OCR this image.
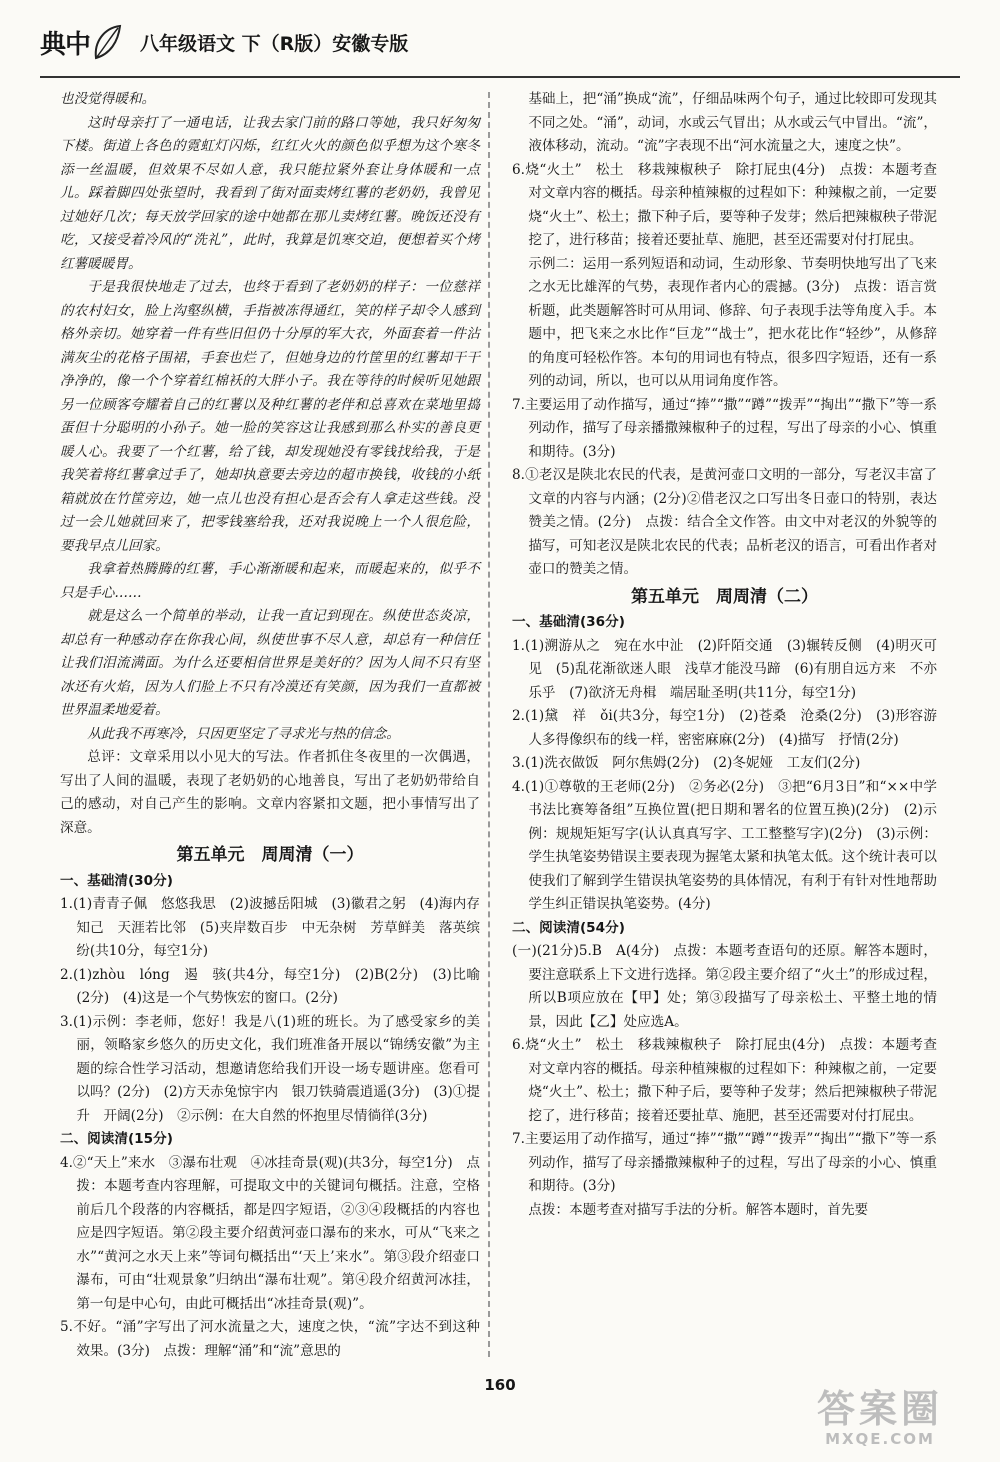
典中	八年级语文 下（R版）安徽专版

也没觉得暖和。

这时母亲打了一通电话，让我去家门前的路口等她，我只好匆匆下楼。街道上各色的霓虹灯闪烁，红红火火的颜色似乎想为这个寒冬添一丝温暖，但效果不尽如人意，我只能拉紧外套让身体暖和一点儿。踩着脚四处张望时，我看到了街对面卖烤红薯的老奶奶，我曾见过她好几次；每天放学回家的途中她都在那儿卖烤红薯。晚饭还没有吃，又接受着冷风的“洗礼”，此时，我算是饥寒交迫，便想着买个烤红薯暖暖胃。

于是我很快地走了过去，也终于看到了老奶奶的样子：一位慈祥的农村妇女，脸上沟壑纵横，手指被冻得通红，笑的样子却令人感到格外亲切。她穿着一件有些旧但仍十分厚的军大衣，外面套着一件沾满灰尘的花格子围裙，手套也烂了，但她身边的竹筐里的红薯却干干净净的，像一个个穿着红棉袄的大胖小子。我在等待的时候听见她跟另一位顾客夸耀着自己的红薯以及种红薯的老伴和总喜欢在菜地里捣蛋但十分聪明的小孙子。她一脸的笑容这让我感到那么朴实的善良更暖人心。我要了一个红薯，给了钱，却发现她没有零钱找给我，于是我笑着将红薯拿过手了，她却执意要去旁边的超市换钱，收钱的小纸箱就放在竹筐旁边，她一点儿也没有担心是否会有人拿走这些钱。没过一会儿她就回来了，把零钱塞给我，还对我说晚上一个人很危险，要我早点儿回家。

我拿着热腾腾的红薯，手心渐渐暖和起来，而暖起来的，似乎不只是手心……

就是这么一个简单的举动，让我一直记到现在。纵使世态炎凉，却总有一种感动存在你我心间，纵使世事不尽人意，却总有一种信任让我们泪流满面。为什么还要相信世界是美好的？因为人间不只有坚冰还有火焰，因为人们脸上不只有冷漠还有笑颜，因为我们一直都被世界温柔地爱着。

从此我不再寒冷，只因更坚定了寻求光与热的信念。

总评：文章采用以小见大的写法。作者抓住冬夜里的一次偶遇，写出了人间的温暖，表现了老奶奶的心地善良，写出了老奶奶带给自己的感动，对自己产生的影响。文章内容紧扣文题，把小事情写出了深意。

第五单元　周周清（一）

一、基础清(30分)

1.(1)青青子佩　悠悠我思　(2)波撼岳阳城　(3)徽君之躬　(4)海内存知己　天涯若比邻　(5)夹岸数百步　中无杂树　芳草鲜美　落英缤纷(共10分，每空1分)

2.(1)zhòu　lóng　遏　骇(共4分，每空1分)　(2)B(2分)　(3)比喻(2分)　(4)这是一个气势恢宏的窗口。(2分)

3.(1)示例：李老师，您好！我是八(1)班的班长。为了感受家乡的美丽，领略家乡悠久的历史文化，我们班准备开展以“锦绣安徽”为主题的综合性学习活动，想邀请您给我们开设一场专题讲座。您看可以吗？(2分)　(2)方天赤兔惊宇内　银刀铁骑震逍遥(3分)　(3)①提升　开阔(2分)　②示例：在大自然的怀抱里尽情徜徉(3分)

二、阅读清(15分)

4.②“天上”来水　③瀑布壮观　④冰挂奇景(观)(共3分，每空1分)　点拨：本题考查内容理解，可提取文中的关键词句概括。注意，空格前后几个段落的内容概括，都是四字短语，②③④段概括的内容也应是四字短语。第②段主要介绍黄河壶口瀑布的来水，可从“飞来之水”“黄河之水天上来”等词句概括出“‘天上’来水”。第③段介绍壶口瀑布，可由“壮观景象”归纳出“瀑布壮观”。第④段介绍黄河冰挂，第一句是中心句，由此可概括出“冰挂奇景(观)”。

5.不好。“涌”字写出了河水流量之大，速度之快，“流”字达不到这种效果。(3分)　点拨：理解“涌”和“流”意思的

基础上，把“涌”换成“流”，仔细品味两个句子，通过比较即可发现其不同之处。“涌”，动词，水或云气冒出；从水或云气中冒出。“流”，液体移动，流动。“流”字表现不出“河水流量之大，速度之快”。

6.烧“火土”　松土　移栽辣椒秧子　除打屁虫(4分)　点拨：本题考查对文章内容的概括。母亲种植辣椒的过程如下：种辣椒之前，一定要烧“火土”、松土；撒下种子后，要等种子发芽；然后把辣椒秧子带泥挖了，进行移苗；接着还要扯草、施肥，甚至还需要对付打屁虫。

示例二：运用一系列短语和动词，生动形象、节奏明快地写出了飞来之水无比雄浑的气势，表现作者内心的震撼。(3分)　点拨：语言赏析题，此类题解答时可从用词、修辞、句子表现手法等角度入手。本题中，把飞来之水比作“巨龙”“战士”，把水花比作“轻纱”，从修辞的角度可轻松作答。本句的用词也有特点，很多四字短语，还有一系列的动词，所以，也可以从用词角度作答。

7.主要运用了动作描写，通过“捧”“撒”“蹲”“拨弄”“掏出”“撒下”等一系列动作，描写了母亲播撒辣椒种子的过程，写出了母亲的小心、慎重和期待。(3分)

8.①老汉是陕北农民的代表，是黄河壶口文明的一部分，写老汉丰富了文章的内容与内涵；(2分)②借老汉之口写出冬日壶口的特别，表达赞美之情。(2分)　点拨：结合全文作答。由文中对老汉的外貌等的描写，可知老汉是陕北农民的代表；品析老汉的语言，可看出作者对壶口的赞美之情。

第五单元　周周清（二）

一、基础清(36分)

1.(1)溯游从之　宛在水中沚　(2)阡陌交通　(3)辗转反侧　(4)明灭可见　(5)乱花渐欲迷人眼　浅草才能没马蹄　(6)有朋自远方来　不亦乐乎　(7)欲济无舟楫　端居耻圣明(共11分，每空1分)

2.(1)黛　祥　ǒi(共3分，每空1分)　(2)苍桑　沧桑(2分)　(3)形容游人多得像织布的线一样，密密麻麻(2分)　(4)描写　抒情(2分)

3.(1)洗衣做饭　阿尔焦姆(2分)　(2)冬妮娅　工友们(2分)

4.(1)①尊敬的王老师(2分)　②务必(2分)　③把“6月3日”和“××中学书法比赛筹备组”互换位置(把日期和署名的位置互换)(2分)　(2)示例：规规矩矩写字(认认真真写字、工工整整写字)(2分)　(3)示例：学生执笔姿势错误主要表现为握笔太紧和执笔太低。这个统计表可以使我们了解到学生错误执笔姿势的具体情况，有利于有针对性地帮助学生纠正错误执笔姿势。(4分)

二、阅读清(54分)

(一)(21分)5.B　A(4分)　点拨：本题考查语句的还原。解答本题时，要注意联系上下文进行选择。第②段主要介绍了“火土”的形成过程，所以B项应放在【甲】处；第③段描写了母亲松土、平整土地的情景，因此【乙】处应选A。

6.烧“火土”　松土　移栽辣椒秧子　除打屁虫(4分)　点拨：本题考查对文章内容的概括。母亲种植辣椒的过程如下：种辣椒之前，一定要烧“火土”、松土；撒下种子后，要等种子发芽；然后把辣椒秧子带泥挖了，进行移苗；接着还要扯草、施肥，甚至还需要对付打屁虫。

7.主要运用了动作描写，通过“捧”“撒”“蹲”“拨弄”“掏出”“撒下”等一系列动作，描写了母亲播撒辣椒种子的过程，写出了母亲的小心、慎重和期待。(3分)

点拨：本题考查对描写手法的分析。解答本题时，首先要

160
答案圈
MXQE.COM
